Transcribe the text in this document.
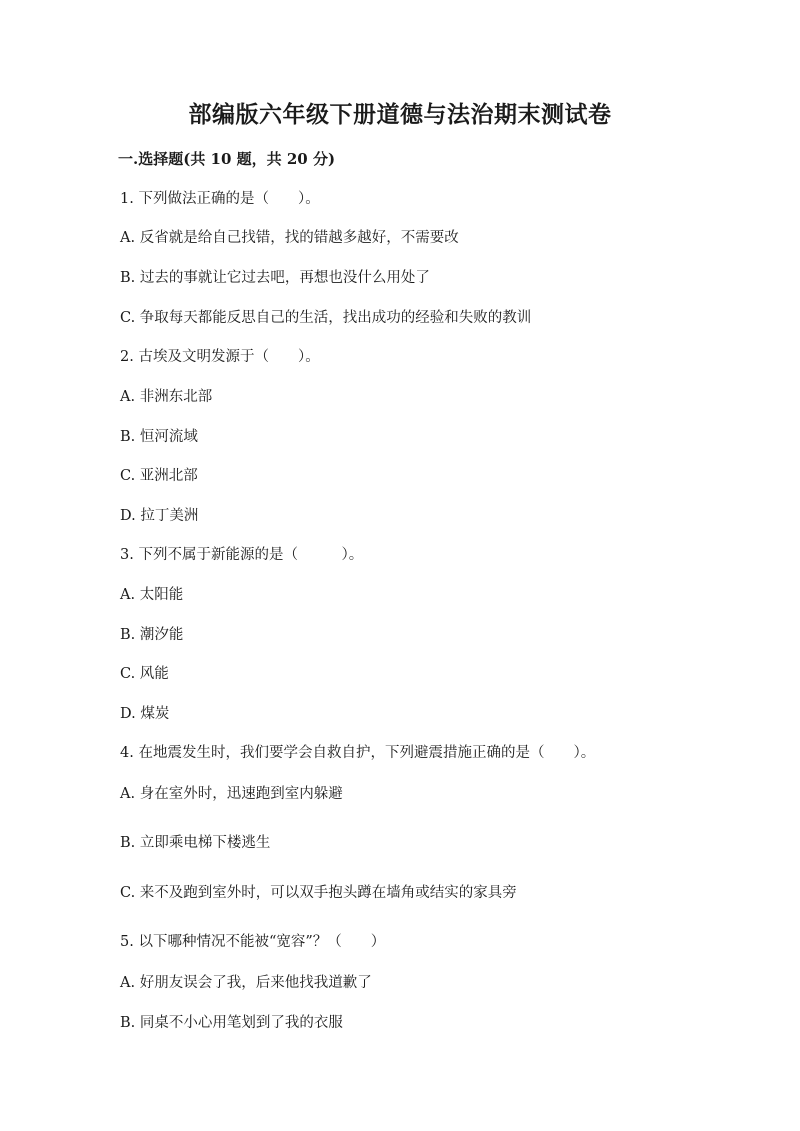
部编版六年级下册道德与法治期末测试卷
一.选择题(共 10 题，共 20 分)
1. 下列做法正确的是（　　）。
A. 反省就是给自己找错，找的错越多越好，不需要改
B. 过去的事就让它过去吧，再想也没什么用处了
C. 争取每天都能反思自己的生活，找出成功的经验和失败的教训
2. 古埃及文明发源于（　　）。
A. 非洲东北部
B. 恒河流域
C. 亚洲北部
D. 拉丁美洲
3. 下列不属于新能源的是（　　　）。
A. 太阳能
B. 潮汐能
C. 风能
D. 煤炭
4. 在地震发生时，我们要学会自救自护，下列避震措施正确的是（　　）。
A. 身在室外时，迅速跑到室内躲避
B. 立即乘电梯下楼逃生
C. 来不及跑到室外时，可以双手抱头蹲在墙角或结实的家具旁
5. 以下哪种情况不能被“宽容”？（　　）
A. 好朋友误会了我，后来他找我道歉了
B. 同桌不小心用笔划到了我的衣服
